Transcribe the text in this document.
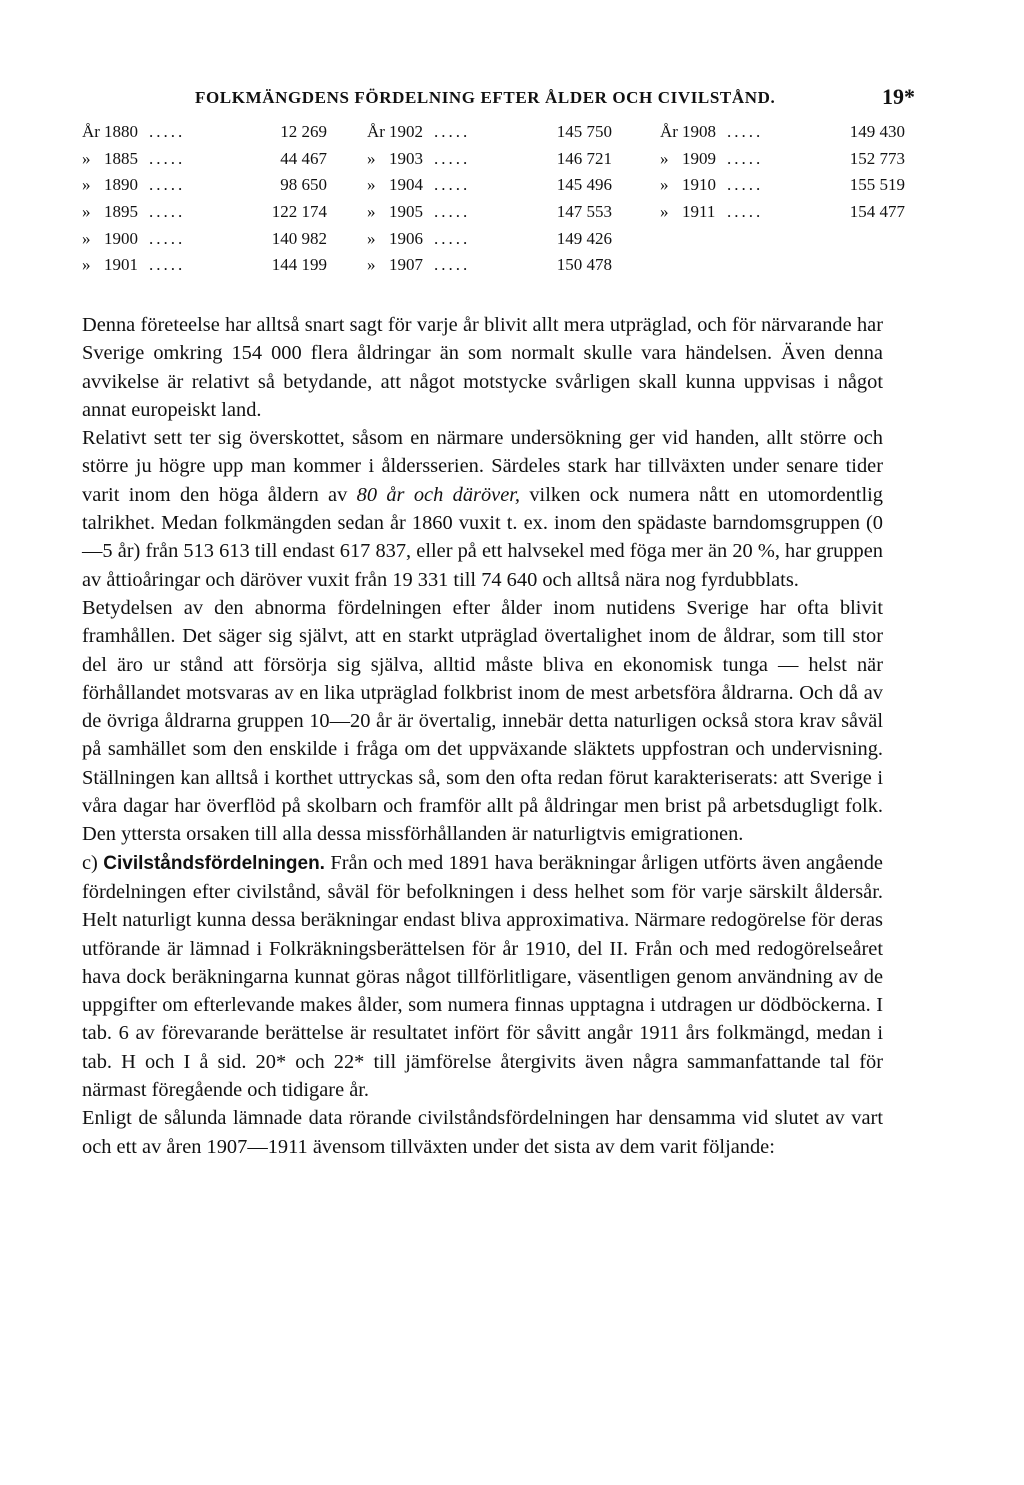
FOLKMÄNGDENS FÖRDELNING EFTER ÅLDER OCH CIVILSTÅND.	19*
År 1880 .....	12 269
» 1885 .....	44 467
» 1890 .....	98 650
» 1895 .....	122 174
» 1900 .....	140 982
» 1901 .....	144 199
År 1902 .....	145 750
» 1903 .....	146 721
» 1904 .....	145 496
» 1905 .....	147 553
» 1906 .....	149 426
» 1907 .....	150 478
År 1908 .....	149 430
» 1909 .....	152 773
» 1910 .....	155 519
» 1911 .....	154 477

Denna företeelse har alltså snart sagt för varje år blivit allt mera utpräglad, och för närvarande har Sverige omkring 154 000 flera åldringar än som normalt skulle vara händelsen. Även denna avvikelse är relativt så betydande, att något motstycke svårligen skall kunna uppvisas i något annat europeiskt land.

Relativt sett ter sig överskottet, såsom en närmare undersökning ger vid handen, allt större och större ju högre upp man kommer i åldersserien. Särdeles stark har tillväxten under senare tider varit inom den höga åldern av 80 år och däröver, vilken ock numera nått en utomordentlig talrikhet. Medan folkmängden sedan år 1860 vuxit t. ex. inom den spädaste barndomsgruppen (0—5 år) från 513 613 till endast 617 837, eller på ett halvsekel med föga mer än 20 %, har gruppen av åttioåringar och däröver vuxit från 19 331 till 74 640 och alltså nära nog fyrdubblats.

Betydelsen av den abnorma fördelningen efter ålder inom nutidens Sverige har ofta blivit framhållen. Det säger sig självt, att en starkt utpräglad övertalighet inom de åldrar, som till stor del äro ur stånd att försörja sig själva, alltid måste bliva en ekonomisk tunga — helst när förhållandet motsvaras av en lika utpräglad folkbrist inom de mest arbetsföra åldrarna. Och då av de övriga åldrarna gruppen 10—20 år är övertalig, innebär detta naturligen också stora krav såväl på samhället som den enskilde i fråga om det uppväxande släktets uppfostran och undervisning. Ställningen kan alltså i korthet uttryckas så, som den ofta redan förut karakteriserats: att Sverige i våra dagar har överflöd på skolbarn och framför allt på åldringar men brist på arbetsdugligt folk. Den yttersta orsaken till alla dessa missförhållanden är naturligtvis emigrationen.

c) Civilståndsfördelningen. Från och med 1891 hava beräkningar årligen utförts även angående fördelningen efter civilstånd, såväl för befolkningen i dess helhet som för varje särskilt åldersår. Helt naturligt kunna dessa beräkningar endast bliva approximativa. Närmare redogörelse för deras utförande är lämnad i Folkräkningsberättelsen för år 1910, del II. Från och med redogörelseåret hava dock beräkningarna kunnat göras något tillförlitligare, väsentligen genom användning av de uppgifter om efterlevande makes ålder, som numera finnas upptagna i utdragen ur dödböckerna. I tab. 6 av förevarande berättelse är resultatet infört för såvitt angår 1911 års folkmängd, medan i tab. H och I å sid. 20* och 22* till jämförelse återgivits även några sammanfattande tal för närmast föregående och tidigare år.

Enligt de sålunda lämnade data rörande civilståndsfördelningen har densamma vid slutet av vart och ett av åren 1907—1911 ävensom tillväxten under det sista av dem varit följande:
